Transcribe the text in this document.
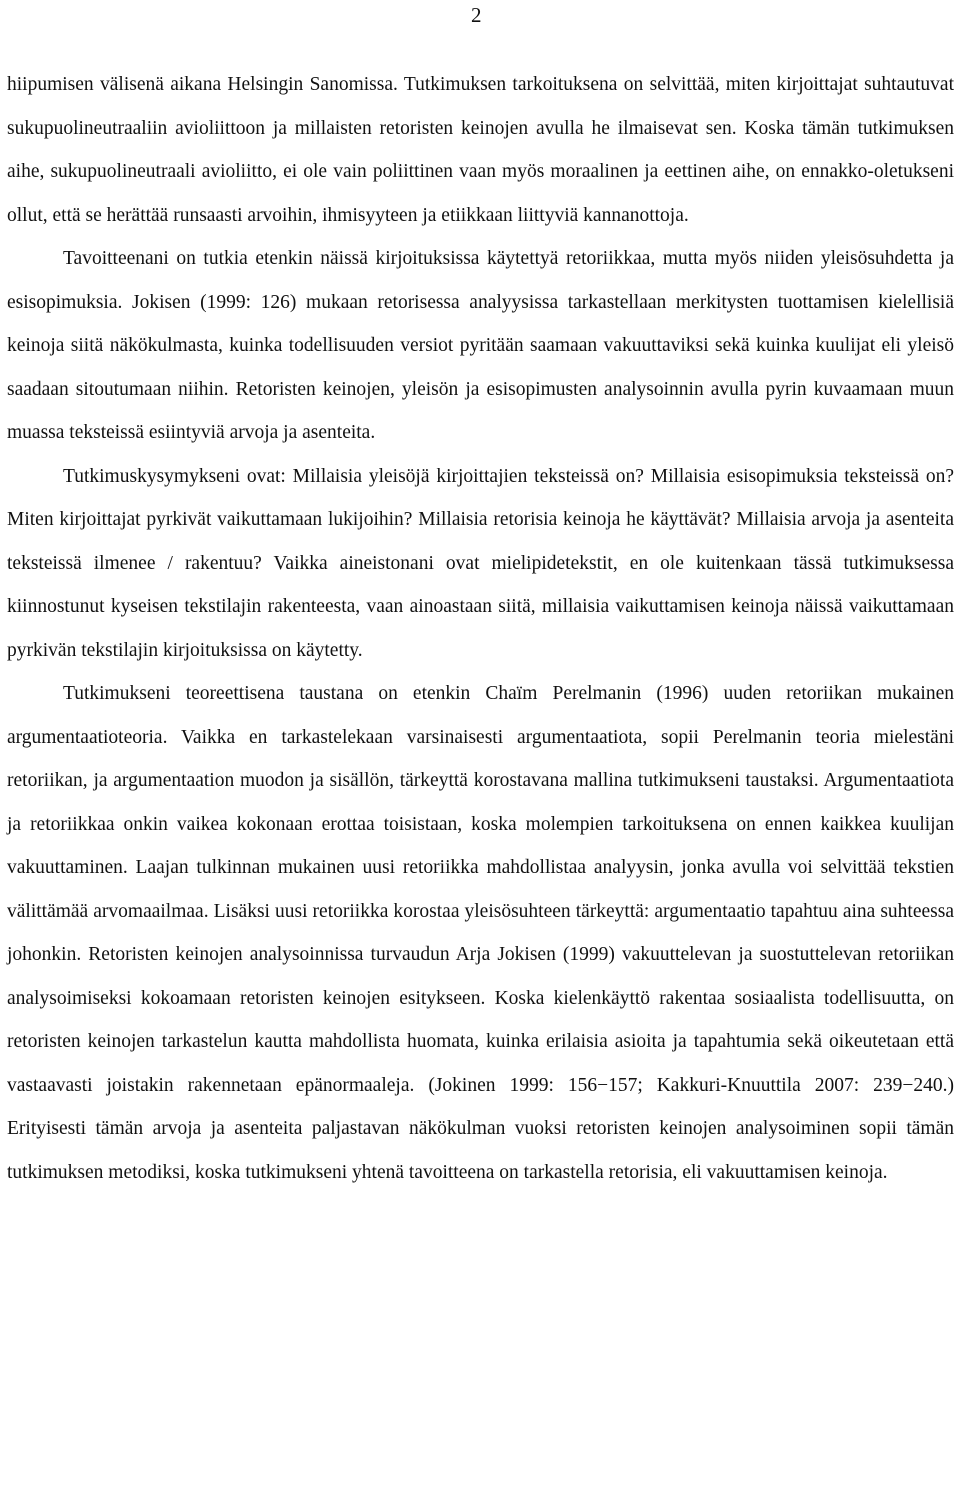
2

hiipumisen välisenä aikana Helsingin Sanomissa. Tutkimuksen tarkoituksena on selvittää, miten kirjoittajat suhtautuvat sukupuolineutraaliin avioliittoon ja millaisten retoristen keinojen avulla he ilmaisevat sen. Koska tämän tutkimuksen aihe, sukupuolineutraali avioliitto, ei ole vain poliittinen vaan myös moraalinen ja eettinen aihe, on ennakko-oletukseni ollut, että se herättää runsaasti arvoihin, ihmisyyteen ja etiikkaan liittyviä kannanottoja.

Tavoitteenani on tutkia etenkin näissä kirjoituksissa käytettyä retoriikkaa, mutta myös niiden yleisösuhdetta ja esisopimuksia. Jokisen (1999: 126) mukaan retorisessa analyysissa tarkastellaan merkitysten tuottamisen kielellisiä keinoja siitä näkökulmasta, kuinka todellisuuden versiot pyritään saamaan vakuuttaviksi sekä kuinka kuulijat eli yleisö saadaan sitoutumaan niihin. Retoristen keinojen, yleisön ja esisopimusten analysoinnin avulla pyrin kuvaamaan muun muassa teksteissä esiintyviä arvoja ja asenteita.

Tutkimuskysymykseni ovat: Millaisia yleisöjä kirjoittajien teksteissä on? Millaisia esisopimuksia teksteissä on? Miten kirjoittajat pyrkivät vaikuttamaan lukijoihin? Millaisia retorisia keinoja he käyttävät? Millaisia arvoja ja asenteita teksteissä ilmenee / rakentuu? Vaikka aineistonani ovat mielipidetekstit, en ole kuitenkaan tässä tutkimuksessa kiinnostunut kyseisen tekstilajin rakenteesta, vaan ainoastaan siitä, millaisia vaikuttamisen keinoja näissä vaikuttamaan pyrkivän tekstilajin kirjoituksissa on käytetty.

Tutkimukseni teoreettisena taustana on etenkin Chaïm Perelmanin (1996) uuden retoriikan mukainen argumentaatioteoria. Vaikka en tarkastelekaan varsinaisesti argumentaatiota, sopii Perelmanin teoria mielestäni retoriikan, ja argumentaation muodon ja sisällön, tärkeyttä korostavana mallina tutkimukseni taustaksi. Argumentaatiota ja retoriikkaa onkin vaikea kokonaan erottaa toisistaan, koska molempien tarkoituksena on ennen kaikkea kuulijan vakuuttaminen. Laajan tulkinnan mukainen uusi retoriikka mahdollistaa analyysin, jonka avulla voi selvittää tekstien välittämää arvomaailmaa. Lisäksi uusi retoriikka korostaa yleisösuhteen tärkeyttä: argumentaatio tapahtuu aina suhteessa johonkin. Retoristen keinojen analysoinnissa turvaudun Arja Jokisen (1999) vakuuttelevan ja suostuttelevan retoriikan analysoimiseksi kokoamaan retoristen keinojen esitykseen. Koska kielenkäyttö rakentaa sosiaalista todellisuutta, on retoristen keinojen tarkastelun kautta mahdollista huomata, kuinka erilaisia asioita ja tapahtumia sekä oikeutetaan että vastaavasti joistakin rakennetaan epänormaaleja. (Jokinen 1999: 156−157; Kakkuri-Knuuttila 2007: 239−240.) Erityisesti tämän arvoja ja asenteita paljastavan näkökulman vuoksi retoristen keinojen analysoiminen sopii tämän tutkimuksen metodiksi, koska tutkimukseni yhtenä tavoitteena on tarkastella retorisia, eli vakuuttamisen keinoja.
